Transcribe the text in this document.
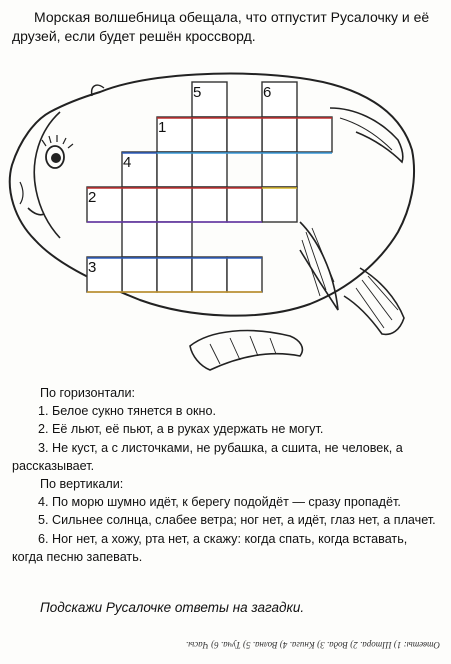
Морская волшебница обещала, что отпустит Русалочку и её друзей, если будет решён кроссворд.
5	6
1
4
2
3

По горизонтали:

1. Белое сукно тянется в окно.

2. Её льют, её пьют, а в руках удержать не могут.

3. Не куст, а с листочками, не рубашка, а сшита, не человек, а рассказывает.

По вертикали:

4. По морю шумно идёт, к берегу подойдёт — сразу пропадёт.

5. Сильнее солнца, слабее ветра; ног нет, а идёт, глаз нет, а плачет.

6. Ног нет, а хожу, рта нет, а скажу: когда спать, когда вставать, когда песню запевать.

Подскажи Русалочке ответы на загадки.
Ответы: 1) Штора. 2) Вода. 3) Книга. 4) Волна. 5) Туча. 6) Часы.
